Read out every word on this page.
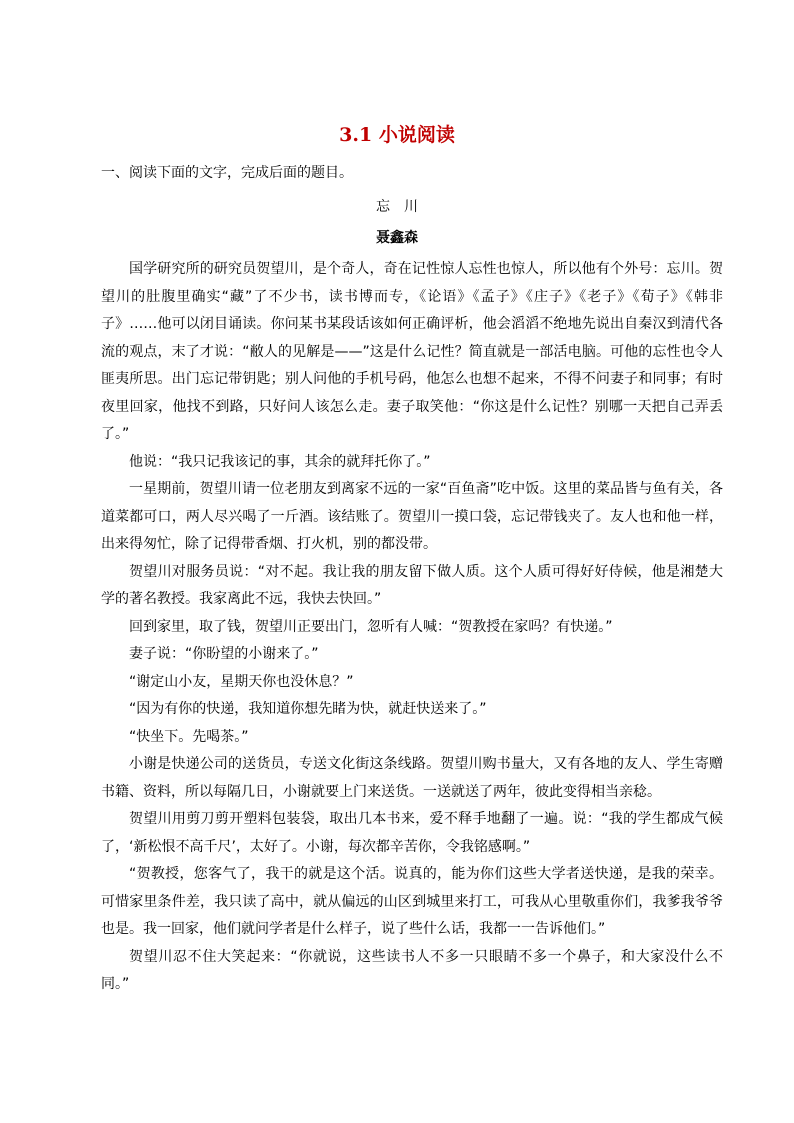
3.1 小说阅读
一、阅读下面的文字，完成后面的题目。
忘川
聂鑫森

国学研究所的研究员贺望川，是个奇人，奇在记性惊人忘性也惊人，所以他有个外号：忘川。贺望川的肚腹里确实“藏”了不少书，读书博而专，《论语》《孟子》《庄子》《老子》《荀子》《韩非子》……他可以闭目诵读。你问某书某段话该如何正确评析，他会滔滔不绝地先说出自秦汉到清代各流的观点，末了才说：“敝人的见解是——”这是什么记性？简直就是一部活电脑。可他的忘性也令人匪夷所思。出门忘记带钥匙；别人问他的手机号码，他怎么也想不起来，不得不问妻子和同事；有时夜里回家，他找不到路，只好问人该怎么走。妻子取笑他：“你这是什么记性？别哪一天把自己弄丢了。”

他说：“我只记我该记的事，其余的就拜托你了。”

一星期前，贺望川请一位老朋友到离家不远的一家“百鱼斋”吃中饭。这里的菜品皆与鱼有关，各道菜都可口，两人尽兴喝了一斤酒。该结账了。贺望川一摸口袋，忘记带钱夹了。友人也和他一样，出来得匆忙，除了记得带香烟、打火机，别的都没带。

贺望川对服务员说：“对不起。我让我的朋友留下做人质。这个人质可得好好侍候，他是湘楚大学的著名教授。我家离此不远，我快去快回。”

回到家里，取了钱，贺望川正要出门，忽听有人喊：“贺教授在家吗？有快递。”

妻子说：“你盼望的小谢来了。”

“谢定山小友，星期天你也没休息？”

“因为有你的快递，我知道你想先睹为快，就赶快送来了。”

“快坐下。先喝茶。”

小谢是快递公司的送货员，专送文化街这条线路。贺望川购书量大，又有各地的友人、学生寄赠书籍、资料，所以每隔几日，小谢就要上门来送货。一送就送了两年，彼此变得相当亲稔。

贺望川用剪刀剪开塑料包装袋，取出几本书来，爱不释手地翻了一遍。说：“我的学生都成气候了，‘新松恨不高千尺’，太好了。小谢，每次都辛苦你，令我铭感啊。”

“贺教授，您客气了，我干的就是这个活。说真的，能为你们这些大学者送快递，是我的荣幸。可惜家里条件差，我只读了高中，就从偏远的山区到城里来打工，可我从心里敬重你们，我爹我爷爷也是。我一回家，他们就问学者是什么样子，说了些什么话，我都一一告诉他们。”

贺望川忍不住大笑起来：“你就说，这些读书人不多一只眼睛不多一个鼻子，和大家没什么不同。”
